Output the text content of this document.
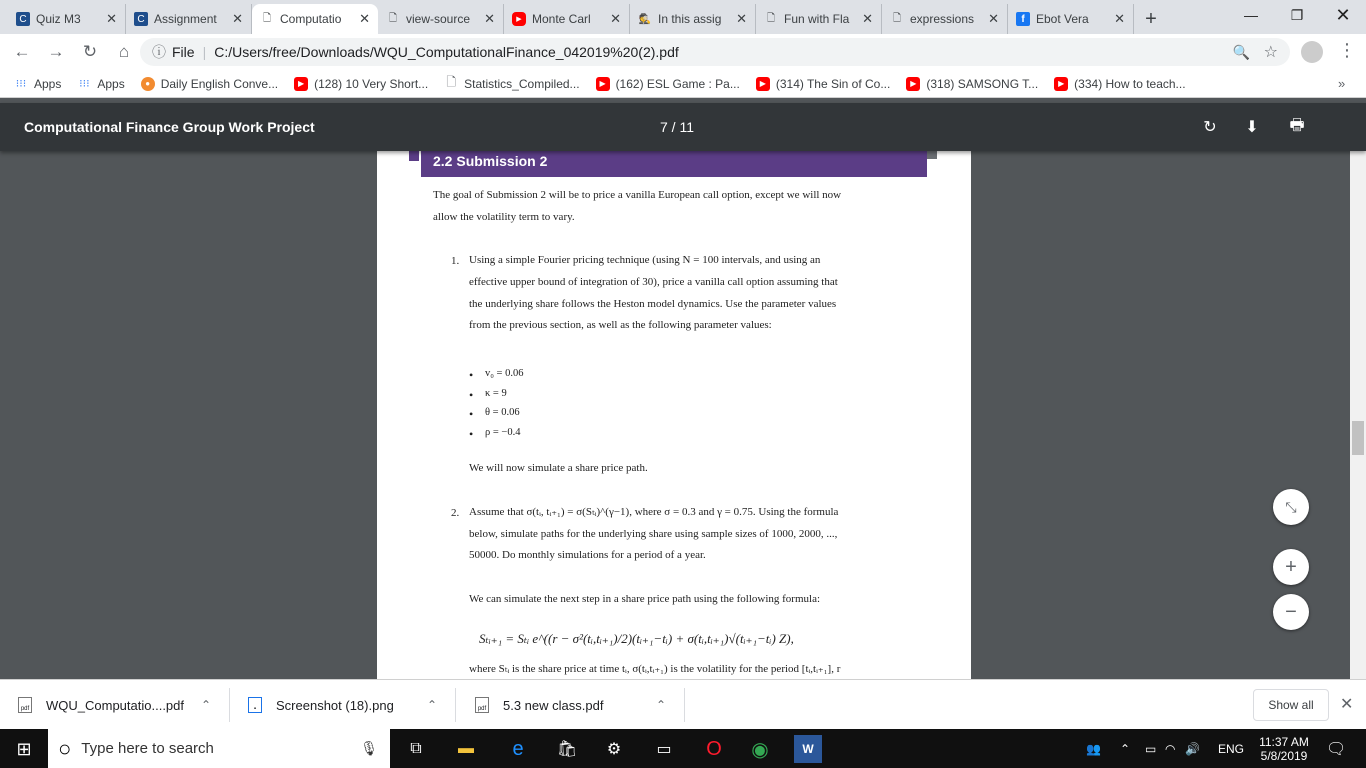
C Quiz M3	✕	C Assignment	✕ 🗋 Computatio	✕ 🗋 view-source	✕	▶ Monte Carl	✕ 🕵 In this assig	✕ 🗋 Fun with Fla ✕ 🗋 expressions	✕	f Ebot Vera	✕	+	—	❐	✕
←	→	↻	⌂	ⓘ File | C:/Users/free/Downloads/WQU_ComputationalFinance_042019%20(2).pdf	🔍 ☆	⋮
⁝⁝⁝ Apps ⁝⁝⁝ Apps	● Daily English Conve...	▶ (128) 10 Very Short... 🗋 Statistics_Compiled...	▶ (162) ESL Game : Pa...	▶ (314) The Sin of Co...	▶ (318) SAMSONG T...	▶ (334) How to teach...	»
Computational Finance Group Work Project	7 / 11	↻	⬇	🖶
2.2 Submission 2
The goal of Submission 2 will be to price a vanilla European call option, except we will now
allow the volatility term to vary.
1. Using a simple Fourier pricing technique (using N = 100 intervals, and using an
effective upper bound of integration of 30), price a vanilla call option assuming that
the underlying share follows the Heston model dynamics. Use the parameter values
from the previous section, as well as the following parameter values:
• v₀ = 0.06
• κ = 9
• θ = 0.06
• ρ = −0.4
We will now simulate a share price path.
2. Assume that σ(tᵢ, tᵢ₊₁) = σ(Sₜᵢ)^(γ−1), where σ = 0.3 and γ = 0.75. Using the formula
below, simulate paths for the underlying share using sample sizes of 1000, 2000, ...,
50000. Do monthly simulations for a period of a year.
We can simulate the next step in a share price path using the following formula:
Sₜᵢ₊₁ = Sₜᵢ e^((r − σ²(tᵢ,tᵢ₊₁)/2)(tᵢ₊₁−tᵢ) + σ(tᵢ,tᵢ₊₁)√(tᵢ₊₁−tᵢ) Z),
where Sₜᵢ is the share price at time tᵢ, σ(tᵢ,tᵢ₊₁) is the volatility for the period [tᵢ,tᵢ₊₁], r
⤡
+
−
pdf WQU_Computatio....pdf ⌃	▪	Screenshot (18).png	⌃	pdf 5.3 new class.pdf	⌃	Show all	✕
⊞ ○ Type here to search	🎙	⧉	▬	e	🛍	⚙	▭	O	◉	W	👥 ⌃ ▭ ◠ 🔊 ENG 11:37 AM
5/8/2019 🗨
